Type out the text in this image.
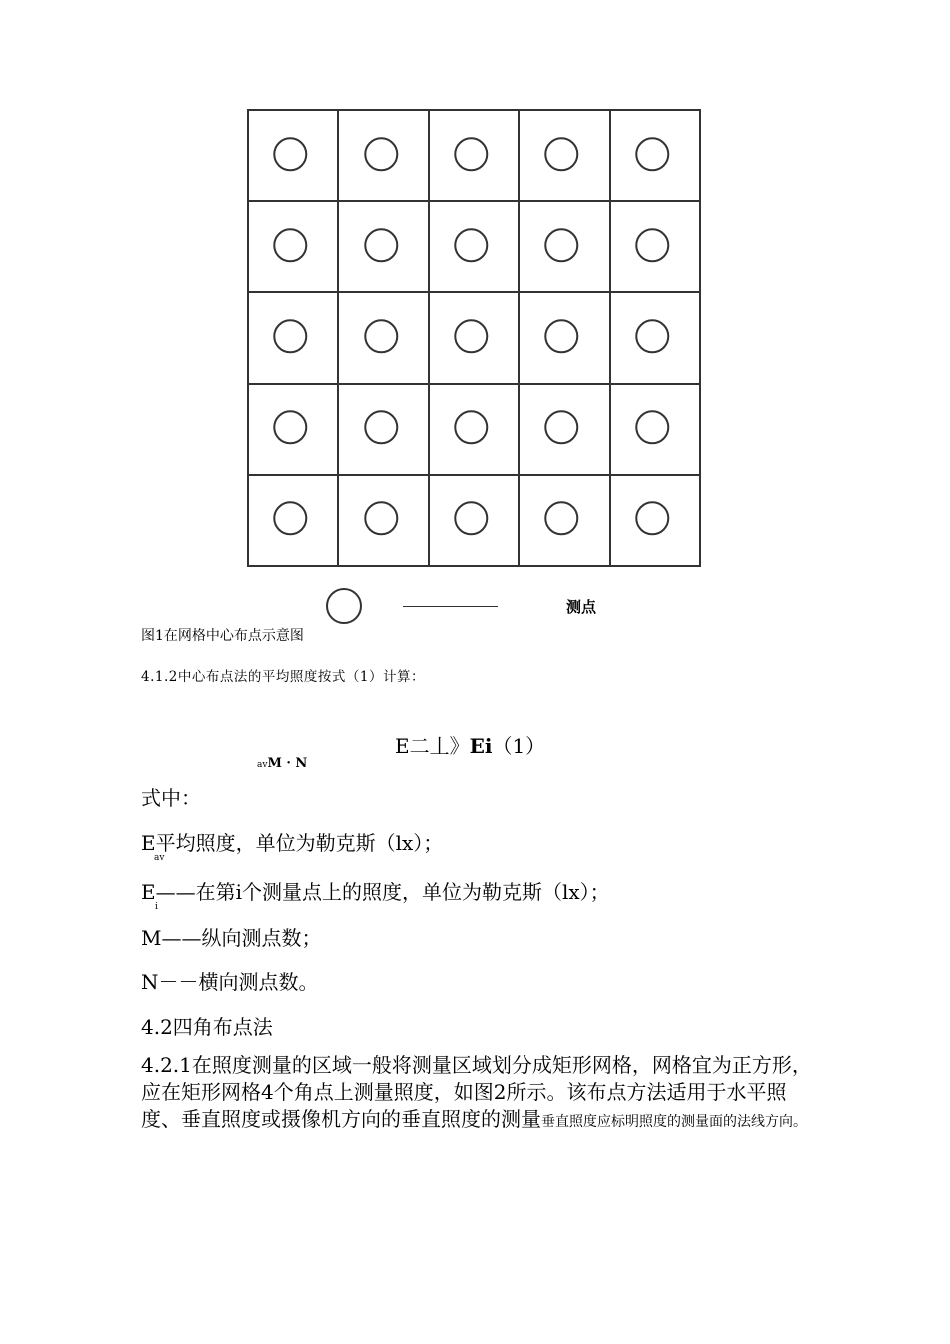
测点
图1在网格中心布点示意图
4.1.2中心布点法的平均照度按式（1）计算：
E二丄》Ei（1）
avM · N
式中：
E平均照度，单位为勒克斯（lx）；
av
E——在第i个测量点上的照度，单位为勒克斯（lx）；
i
M——纵向测点数；
N－－横向测点数。
4.2四角布点法
4.2.1在照度测量的区域一般将测量区域划分成矩形网格，网格宜为正方形，应在矩形网格4个角点上测量照度，如图2所示。该布点方法适用于水平照度、垂直照度或摄像机方向的垂直照度的测量垂直照度应标明照度的测量面的法线方向。
